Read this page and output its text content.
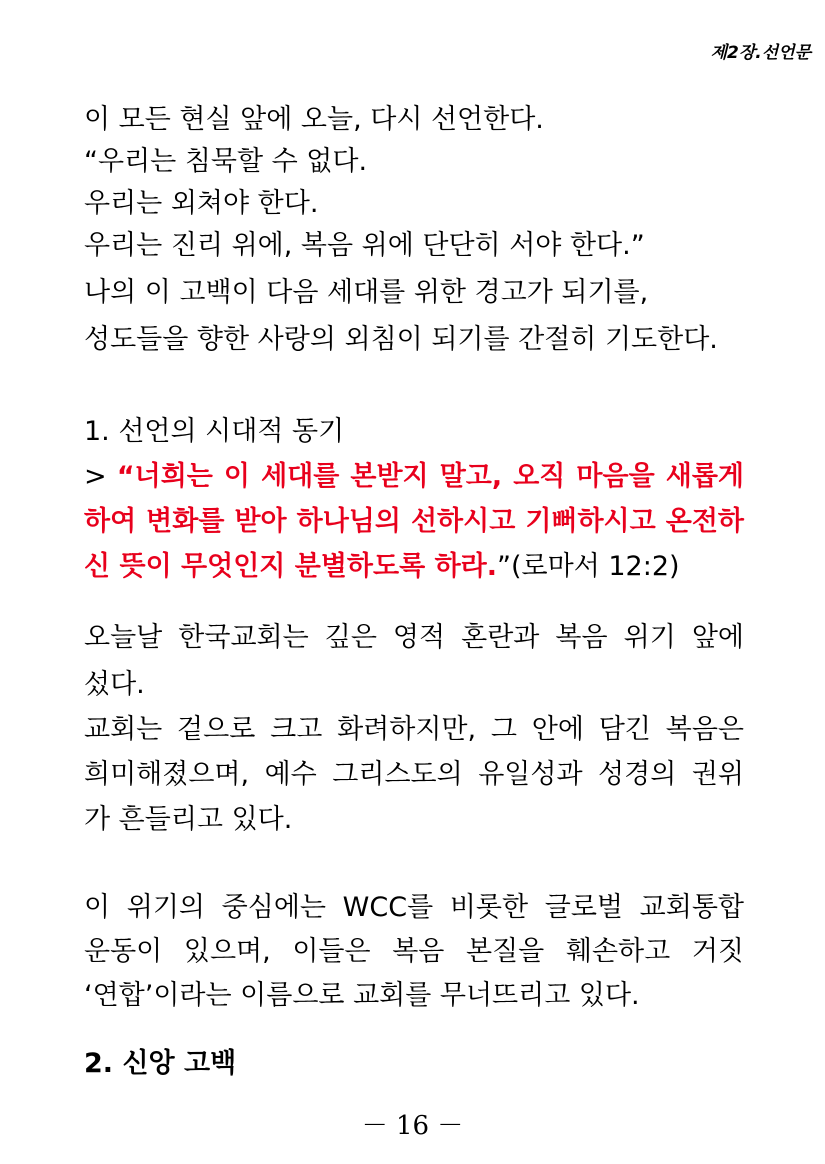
제2장.선언문
이 모든 현실 앞에 오늘, 다시 선언한다.
“우리는 침묵할 수 없다.
우리는 외쳐야 한다.
우리는 진리 위에, 복음 위에 단단히 서야 한다.”
나의 이 고백이 다음 세대를 위한 경고가 되기를,
성도들을 향한 사랑의 외침이 되기를 간절히 기도한다.
1. 선언의 시대적 동기
> “너희는 이 세대를 본받지 말고, 오직 마음을 새롭게
하여 변화를 받아 하나님의 선하시고 기뻐하시고 온전하
신 뜻이 무엇인지 분별하도록 하라.”(로마서 12:2)
오늘날 한국교회는 깊은 영적 혼란과 복음 위기 앞에
섰다.
교회는 겉으로 크고 화려하지만, 그 안에 담긴 복음은
희미해졌으며, 예수 그리스도의 유일성과 성경의 권위
가 흔들리고 있다.
이 위기의 중심에는 WCC를 비롯한 글로벌 교회통합
운동이 있으며, 이들은 복음 본질을 훼손하고 거짓
‘연합’이라는 이름으로 교회를 무너뜨리고 있다.
2. 신앙 고백
－ 16 －
